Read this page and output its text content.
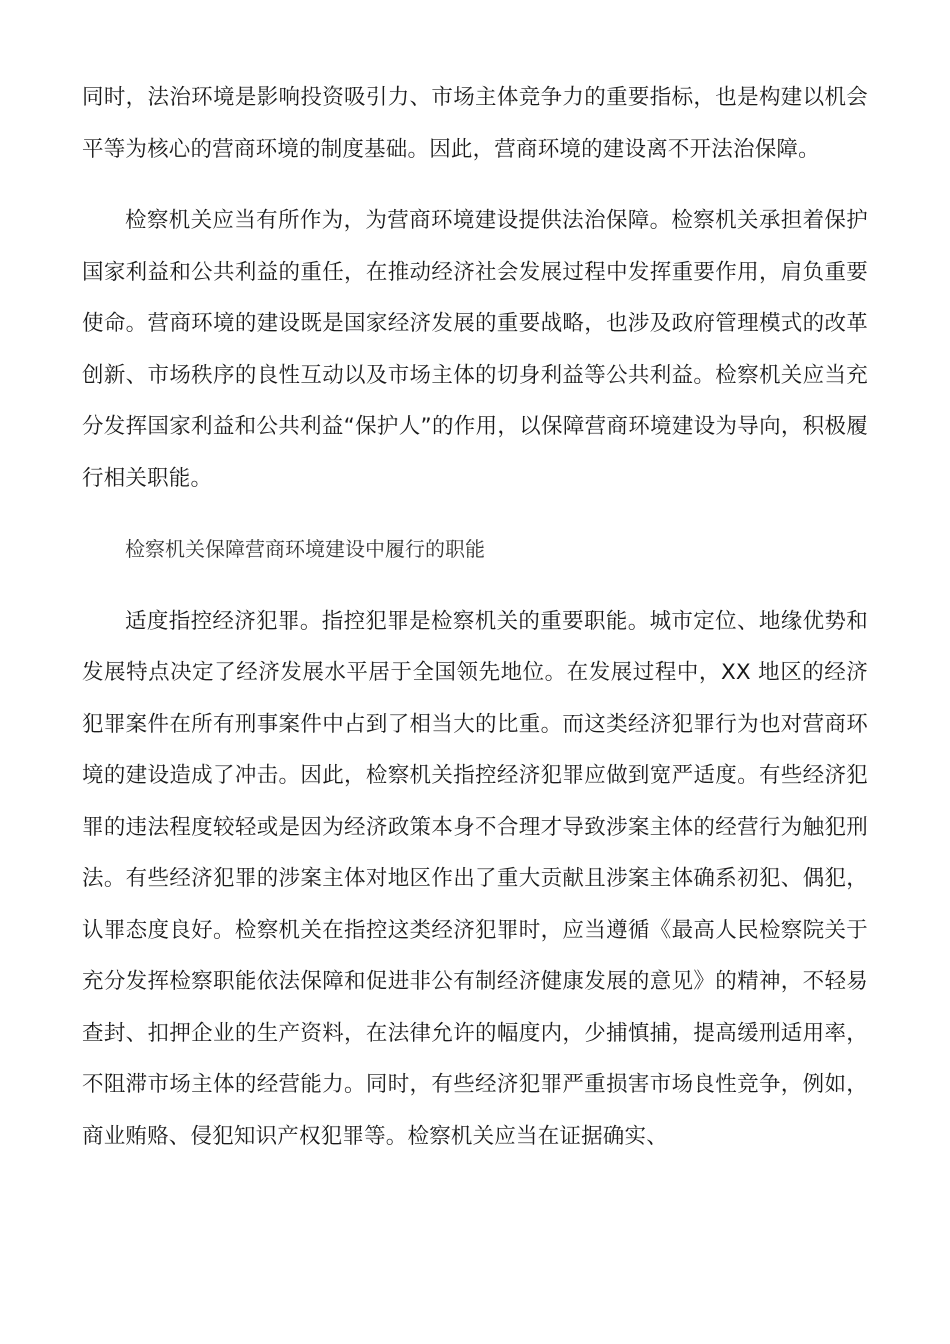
同时，法治环境是影响投资吸引力、市场主体竞争力的重要指标，也是构建以机会平等为核心的营商环境的制度基础。因此，营商环境的建设离不开法治保障。

检察机关应当有所作为，为营商环境建设提供法治保障。检察机关承担着保护国家利益和公共利益的重任，在推动经济社会发展过程中发挥重要作用，肩负重要使命。营商环境的建设既是国家经济发展的重要战略，也涉及政府管理模式的改革创新、市场秩序的良性互动以及市场主体的切身利益等公共利益。检察机关应当充分发挥国家利益和公共利益“保护人”的作用，以保障营商环境建设为导向，积极履行相关职能。

检察机关保障营商环境建设中履行的职能

适度指控经济犯罪。指控犯罪是检察机关的重要职能。城市定位、地缘优势和发展特点决定了经济发展水平居于全国领先地位。在发展过程中，XX 地区的经济犯罪案件在所有刑事案件中占到了相当大的比重。而这类经济犯罪行为也对营商环境的建设造成了冲击。因此，检察机关指控经济犯罪应做到宽严适度。有些经济犯罪的违法程度较轻或是因为经济政策本身不合理才导致涉案主体的经营行为触犯刑法。有些经济犯罪的涉案主体对地区作出了重大贡献且涉案主体确系初犯、偶犯，认罪态度良好。检察机关在指控这类经济犯罪时，应当遵循《最高人民检察院关于充分发挥检察职能依法保障和促进非公有制经济健康发展的意见》的精神，不轻易查封、扣押企业的生产资料，在法律允许的幅度内，少捕慎捕，提高缓刑适用率，不阻滞市场主体的经营能力。同时，有些经济犯罪严重损害市场良性竞争，例如，商业贿赂、侵犯知识产权犯罪等。检察机关应当在证据确实、
